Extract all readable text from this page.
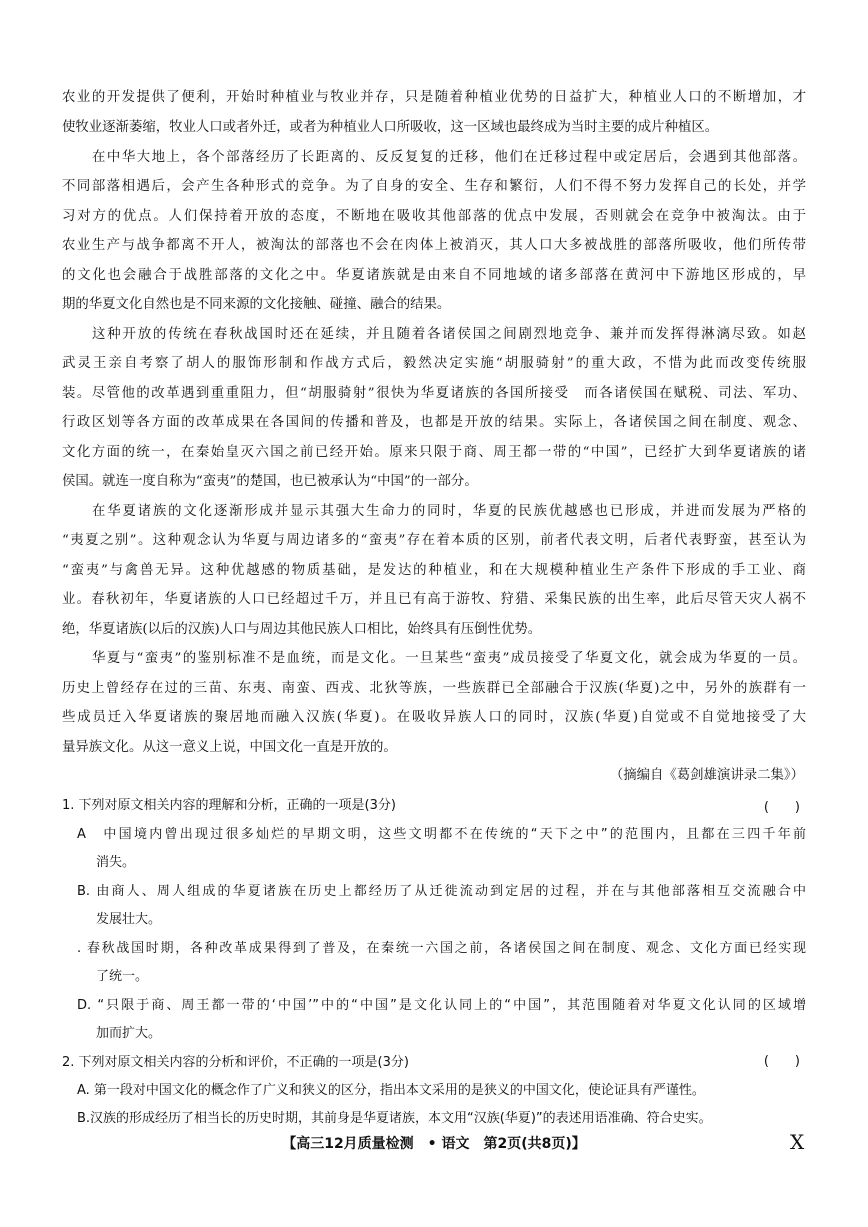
农业的开发提供了便利，开始时种植业与牧业并存，只是随着种植业优势的日益扩大，种植业人口的不断增加，才
使牧业逐渐萎缩，牧业人口或者外迁，或者为种植业人口所吸收，这一区域也最终成为当时主要的成片种植区。
在中华大地上，各个部落经历了长距离的、反反复复的迁移，他们在迁移过程中或定居后，会遇到其他部落。
不同部落相遇后，会产生各种形式的竞争。为了自身的安全、生存和繁衍，人们不得不努力发挥自己的长处，并学
习对方的优点。人们保持着开放的态度，不断地在吸收其他部落的优点中发展，否则就会在竞争中被淘汰。由于
农业生产与战争都离不开人，被淘汰的部落也不会在肉体上被消灭，其人口大多被战胜的部落所吸收，他们所传带
的文化也会融合于战胜部落的文化之中。华夏诸族就是由来自不同地域的诸多部落在黄河中下游地区形成的，早
期的华夏文化自然也是不同来源的文化接触、碰撞、融合的结果。
这种开放的传统在春秋战国时还在延续，并且随着各诸侯国之间剧烈地竞争、兼并而发挥得淋漓尽致。如赵
武灵王亲自考察了胡人的服饰形制和作战方式后，毅然决定实施“胡服骑射”的重大政，不惜为此而改变传统服
装。尽管他的改革遇到重重阻力，但“胡服骑射”很快为华夏诸族的各国所接受　而各诸侯国在赋税、司法、军功、
行政区划等各方面的改革成果在各国间的传播和普及，也都是开放的结果。实际上，各诸侯国之间在制度、观念、
文化方面的统一，在秦始皇灭六国之前已经开始。原来只限于商、周王都一带的“中国”，已经扩大到华夏诸族的诸
侯国。就连一度自称为“蛮夷”的楚国，也已被承认为“中国”的一部分。
在华夏诸族的文化逐渐形成并显示其强大生命力的同时，华夏的民族优越感也已形成，并进而发展为严格的
“夷夏之别”。这种观念认为华夏与周边诸多的“蛮夷”存在着本质的区别，前者代表文明，后者代表野蛮，甚至认为
“蛮夷”与禽兽无异。这种优越感的物质基础，是发达的种植业，和在大规模种植业生产条件下形成的手工业、商
业。春秋初年，华夏诸族的人口已经超过千万，并且已有高于游牧、狩猎、采集民族的出生率，此后尽管天灾人祸不
绝，华夏诸族(以后的汉族)人口与周边其他民族人口相比，始终具有压倒性优势。
华夏与“蛮夷”的鉴别标准不是血统，而是文化。一旦某些“蛮夷”成员接受了华夏文化，就会成为华夏的一员。
历史上曾经存在过的三苗、东夷、南蛮、西戎、北狄等族，一些族群已全部融合于汉族(华夏)之中，另外的族群有一
些成员迁入华夏诸族的聚居地而融入汉族(华夏)。在吸收异族人口的同时，汉族(华夏)自觉或不自觉地接受了大
量异族文化。从这一意义上说，中国文化一直是开放的。
（摘编自《葛剑雄演讲录二集》）
1. 下列对原文相关内容的理解和分析，正确的一项是(3分)	(　　)
A　中国境内曾出现过很多灿烂的早期文明，这些文明都不在传统的“天下之中”的范围内，且都在三四千年前
消失。
B. 由商人、周人组成的华夏诸族在历史上都经历了从迁徙流动到定居的过程，并在与其他部落相互交流融合中
发展壮大。
. 春秋战国时期，各种改革成果得到了普及，在秦统一六国之前，各诸侯国之间在制度、观念、文化方面已经实现
了统一。
D. “只限于商、周王都一带的‘中国’”中的“中国”是文化认同上的“中国”，其范围随着对华夏文化认同的区域增
加而扩大。
2. 下列对原文相关内容的分析和评价，不正确的一项是(3分)	(　　)
A. 第一段对中国文化的概念作了广义和狭义的区分，指出本文采用的是狭义的中国文化，使论证具有严谨性。
B.汉族的形成经历了相当长的历史时期，其前身是华夏诸族，本文用“汉族(华夏)”的表述用语准确、符合史实。
【高三12月质量检测　• 语文　第2页(共8页)】	X
